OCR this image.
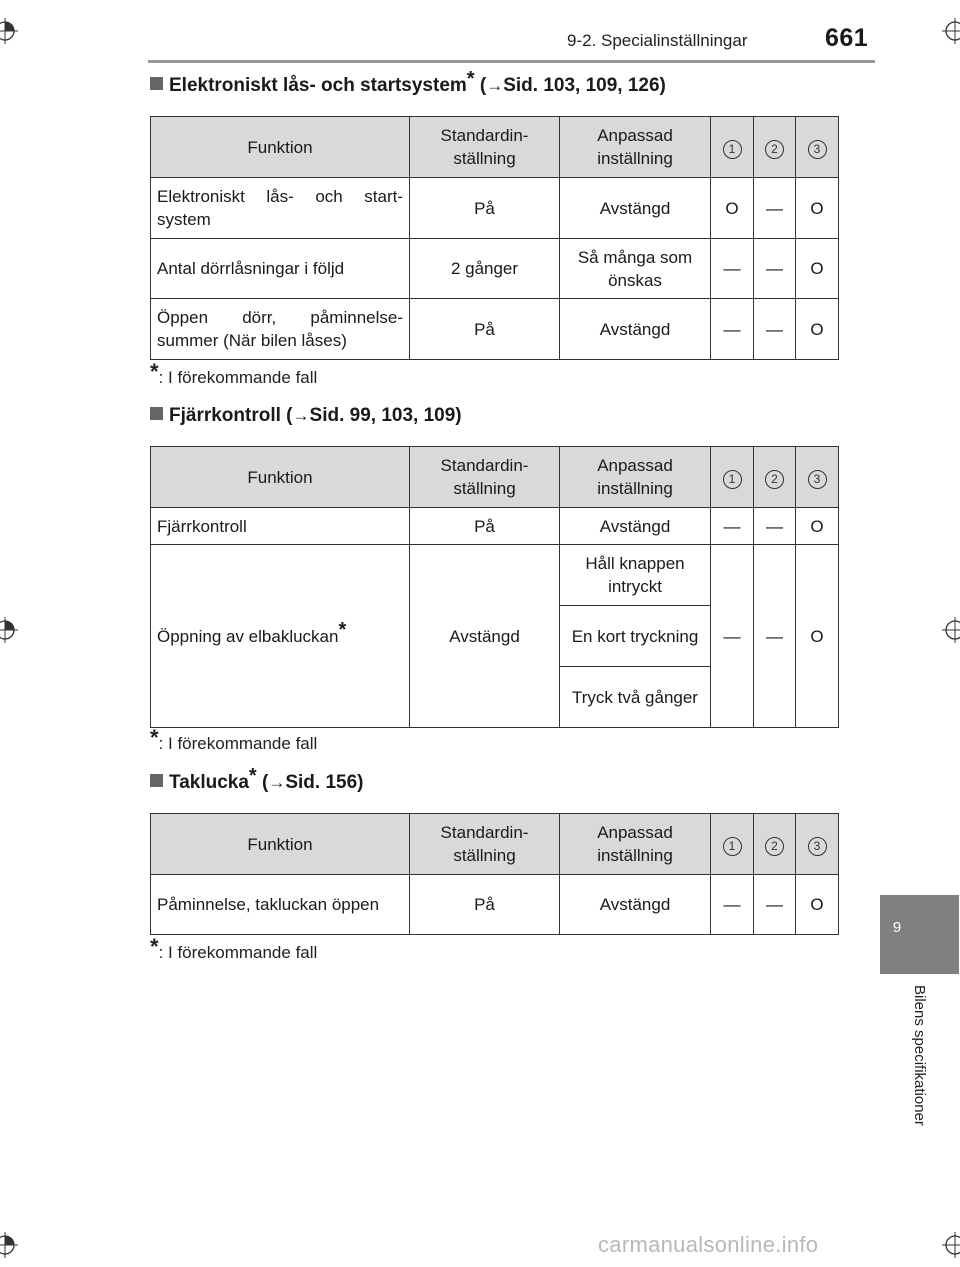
9-2. Specialinställningar	661
9
Bilens specifikationer
Elektroniskt lås- och startsystem* (→Sid. 103, 109, 126)
Funktion	Standardin-ställning	Anpassad inställning	1	2	3
Elektroniskt lås- och start-system	På	Avstängd	O	—	O
Antal dörrlåsningar i följd	2 gånger	Så många som önskas	—	—	O
Öppen dörr, påminnelse-summer (När bilen låses)	På	Avstängd	—	—	O
*: I förekommande fall
Fjärrkontroll (→Sid. 99, 103, 109)
Funktion	Standardin-ställning	Anpassad inställning	1	2	3
Fjärrkontroll	På	Avstängd	—	—	O
Öppning av elbakluckan*	Avstängd	Håll knappen intryckt	—	—	O
		En kort tryckning			
		Tryck två gånger			
*: I förekommande fall
Taklucka* (→Sid. 156)
Funktion	Standardin-ställning	Anpassad inställning	1	2	3
Påminnelse, takluckan öppen	På	Avstängd	—	—	O
*: I förekommande fall
carmanualsonline.info
